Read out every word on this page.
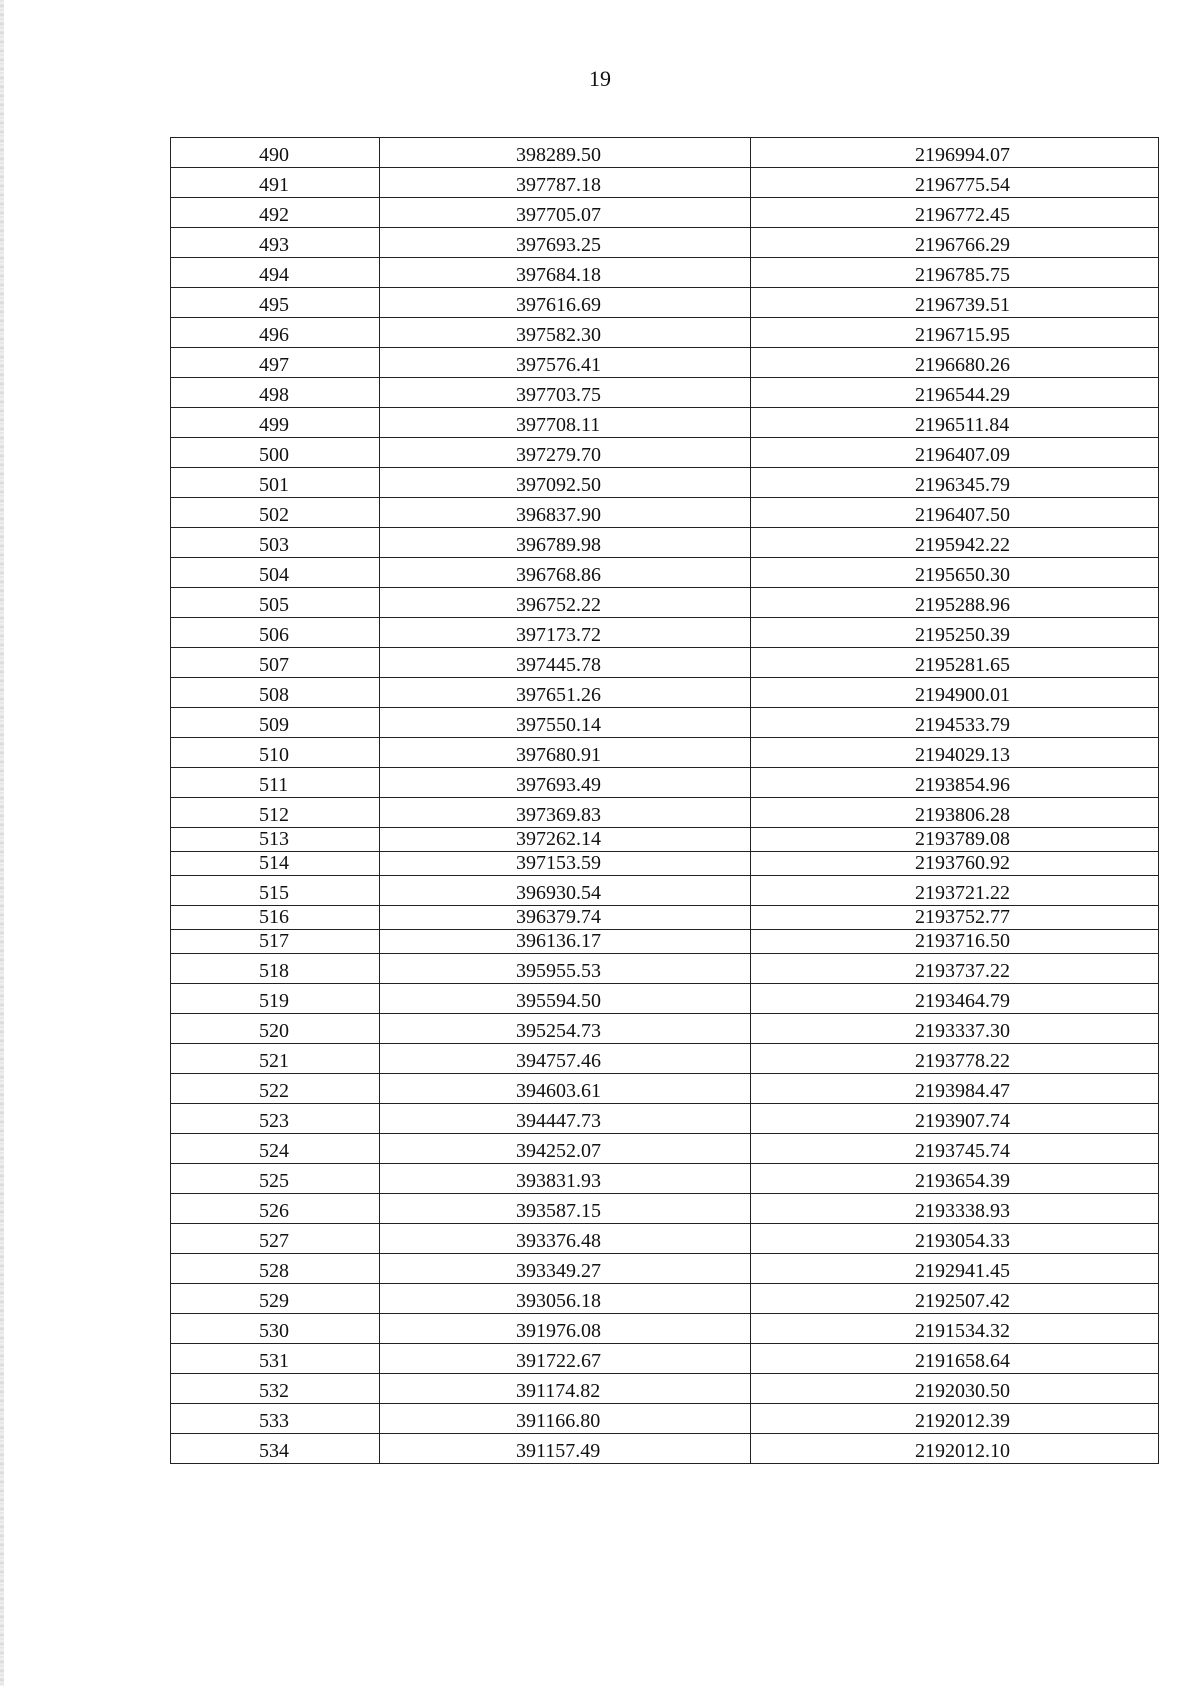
19
490	398289.50	2196994.07
491	397787.18	2196775.54
492	397705.07	2196772.45
493	397693.25	2196766.29
494	397684.18	2196785.75
495	397616.69	2196739.51
496	397582.30	2196715.95
497	397576.41	2196680.26
498	397703.75	2196544.29
499	397708.11	2196511.84
500	397279.70	2196407.09
501	397092.50	2196345.79
502	396837.90	2196407.50
503	396789.98	2195942.22
504	396768.86	2195650.30
505	396752.22	2195288.96
506	397173.72	2195250.39
507	397445.78	2195281.65
508	397651.26	2194900.01
509	397550.14	2194533.79
510	397680.91	2194029.13
511	397693.49	2193854.96
512	397369.83	2193806.28
513	397262.14	2193789.08
514	397153.59	2193760.92
515	396930.54	2193721.22
516	396379.74	2193752.77
517	396136.17	2193716.50
518	395955.53	2193737.22
519	395594.50	2193464.79
520	395254.73	2193337.30
521	394757.46	2193778.22
522	394603.61	2193984.47
523	394447.73	2193907.74
524	394252.07	2193745.74
525	393831.93	2193654.39
526	393587.15	2193338.93
527	393376.48	2193054.33
528	393349.27	2192941.45
529	393056.18	2192507.42
530	391976.08	2191534.32
531	391722.67	2191658.64
532	391174.82	2192030.50
533	391166.80	2192012.39
534	391157.49	2192012.10
